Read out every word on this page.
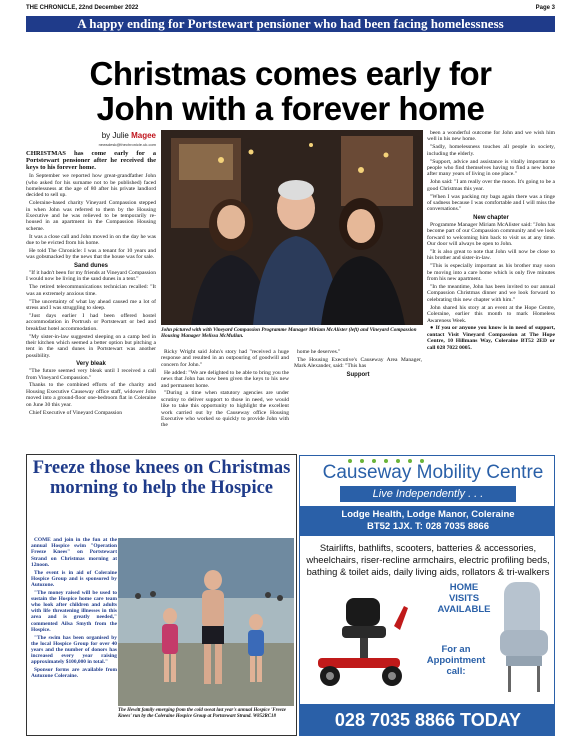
THE CHRONICLE, 22nd December 2022	Page 3
A happy ending for Portstewart pensioner who had been facing homelessness
Christmas comes early for
John with a forever home
by Julie Magee
newsdesk@thechronicle.uk.com

CHRISTMAS has come early for a Portstewart pensioner after he received the keys to his forever home.

In September we reported how great-grandfather John (who asked for his surname not to be published) faced homelessness at the age of 80 after his private landlord decided to sell up.

Coleraine-based charity Vineyard Compassion stepped in when John was referred to them by the Housing Executive and he was relieved to be temporarily re-housed in an apartment in the Compassion Housing scheme.

It was a close call and John moved in on the day he was due to be evicted from his home.

He told The Chronicle: I was a tenant for 10 years and was gobsmacked by the news that the house was for sale.

Sand dunes

"If it hadn't been for my friends at Vineyard Compassion I would now be living in the sand dunes in a tent."

The retired telecommunications technician recalled: "It was an extremely anxious time.

"The uncertainty of what lay ahead caused me a lot of stress and I was struggling to sleep.

"Just days earlier I had been offered hostel accommodation in Portrush or Portstewart or bed and breakfast hotel accommodation.

"My sister-in-law suggested sleeping on a camp bed in their kitchen which seemed a better option but pitching a tent in the sand dunes in Portstewart was another possibility.

Very bleak

"The future seemed very bleak until I received a call from Vineyard Compassion."

Thanks to the combined efforts of the charity and Housing Executive Causeway office staff, widower John moved into a ground-floor one-bedroom flat in Coleraine on June 30 this year.

Chief Executive of Vineyard Compassion

John pictured with with Vineyard Compassion Programme Manager Miriam McAlister (left) and Vineyard Compassion Housing Manager Melissa McMullan.

Ricky Wright said John's story had "received a huge response and resulted in an outpouring of goodwill and concern for John."

He added: "We are delighted to be able to bring you the news that John has now been given the keys to his new and permanent home.

"During a time when statutory agencies are under scrutiny to deliver support to those in need, we would like to take this opportunity to highlight the excellent work carried out by the Causeway office Housing Executive who worked so quickly to provide John with the

home he deserves."

The Housing Executive's Causeway Area Manager, Mark Alexander, said: "This has

Support

been a wonderful outcome for John and we wish him well in his new home.

"Sadly, homelessness touches all people in society, including the elderly.

"Support, advice and assistance is vitally important to people who find themselves having to find a new home after many years of living in one place."

John said: "I am really over the moon. It's going to be a good Christmas this year.

"When I was packing my bags again there was a tinge of sadness because I was comfortable and I will miss the conversations."

New chapter

Programme Manager Miriam McAlister said: "John has become part of our Compassion community and we look forward to welcoming him back to visit us at any time. Our door will always be open to John.

"It is also great to note that John will now be close to his brother and sister-in-law.

"This is especially important as his brother may soon be moving into a care home which is only five minutes from his new apartment.

"In the meantime, John has been invited to our annual Compassion Christmas dinner and we look forward to celebrating this new chapter with him."

John shared his story at an event at the Hope Centre, Coleraine, earlier this month to mark Homeless Awareness Week.

● If you or anyone you know is in need of support, contact Visit Vineyard Compassion at The Hope Centre, 10 Hillmans Way, Coleraine BT52 2ED or call 028 7022 0005.

Freeze those knees on Christmas morning to help the Hospice

COME and join in the fun at the annual Hospice swim "Operation Freeze Knees" on Portstewart Strand on Christmas morning at 12noon.

The event is in aid of Coleraine Hospice Group and is sponsored by Autozone.

"The money raised will be used to sustain the Hospice home care team who look after children and adults with life threatening illnesses in this area and is greatly needed," commented Ailsa Smyth from the Hospice.

"The swim has been organised by the local Hospice Group for over 40 years and the number of donors has increased every year raising approximately $100,000 in total."

Sponsor forms are available from Autozone Coleraine.

The Hewitt family emerging from the cold sweat last year's annual Hospice 'Freeze Knees' run by the Coleraine Hospice Group at Portstewart Strand. W852RC18
Causeway Mobility Centre
Live Independently . . .
Lodge Health, Lodge Manor, Coleraine
BT52 1JX. T: 028 7035 8866
Stairlifts, bathlifts, scooters, batteries & accessories, wheelchairs, riser-recline armchairs, electric profiling beds, bathing & toilet aids, daily living aids, rollators & tri-walkers
HOME VISITS AVAILABLE
For an Appointment call:
028 7035 8866 TODAY
